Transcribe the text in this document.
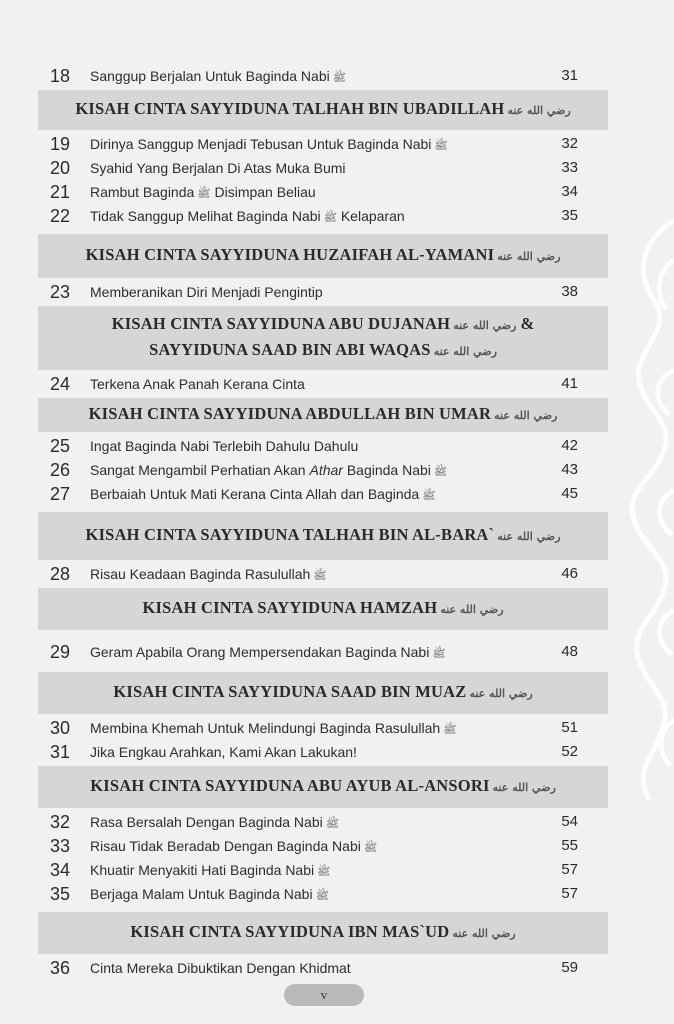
18	Sanggup Berjalan Untuk Baginda Nabi ﷺ	31
KISAH CINTA SAYYIDUNA TALHAH BIN UBADILLAH رضي الله عنه
19	Dirinya Sanggup Menjadi Tebusan Untuk Baginda Nabi ﷺ	32
20	Syahid Yang Berjalan Di Atas Muka Bumi	33
21	Rambut Baginda ﷺ Disimpan Beliau	34
22	Tidak Sanggup Melihat Baginda Nabi ﷺ Kelaparan	35
KISAH CINTA SAYYIDUNA HUZAIFAH AL-YAMANI رضي الله عنه
23	Memberanikan Diri Menjadi Pengintip	38
KISAH CINTA SAYYIDUNA ABU DUJANAH رضي الله عنه &
SAYYIDUNA SAAD BIN ABI WAQAS رضي الله عنه
24	Terkena Anak Panah Kerana Cinta	41
KISAH CINTA SAYYIDUNA ABDULLAH BIN UMAR رضي الله عنه
25	Ingat Baginda Nabi Terlebih Dahulu Dahulu	42
26	Sangat Mengambil Perhatian Akan Athar Baginda Nabi ﷺ	43
27	Berbaiah Untuk Mati Kerana Cinta Allah dan Baginda ﷺ	45
KISAH CINTA SAYYIDUNA TALHAH BIN AL-BARA` رضي الله عنه
28	Risau Keadaan Baginda Rasulullah ﷺ	46
KISAH CINTA SAYYIDUNA HAMZAH رضي الله عنه
29	Geram Apabila Orang Mempersendakan Baginda Nabi ﷺ	48
KISAH CINTA SAYYIDUNA SAAD BIN MUAZ رضي الله عنه
30	Membina Khemah Untuk Melindungi Baginda Rasulullah ﷺ	51
31	Jika Engkau Arahkan, Kami Akan Lakukan!	52
KISAH CINTA SAYYIDUNA ABU AYUB AL-ANSORI رضي الله عنه
32	Rasa Bersalah Dengan Baginda Nabi ﷺ	54
33	Risau Tidak Beradab Dengan Baginda Nabi ﷺ	55
34	Khuatir Menyakiti Hati Baginda Nabi ﷺ	57
35	Berjaga Malam Untuk Baginda Nabi ﷺ	57
KISAH CINTA SAYYIDUNA IBN MAS`UD رضي الله عنه
36	Cinta Mereka Dibuktikan Dengan Khidmat	59
v
